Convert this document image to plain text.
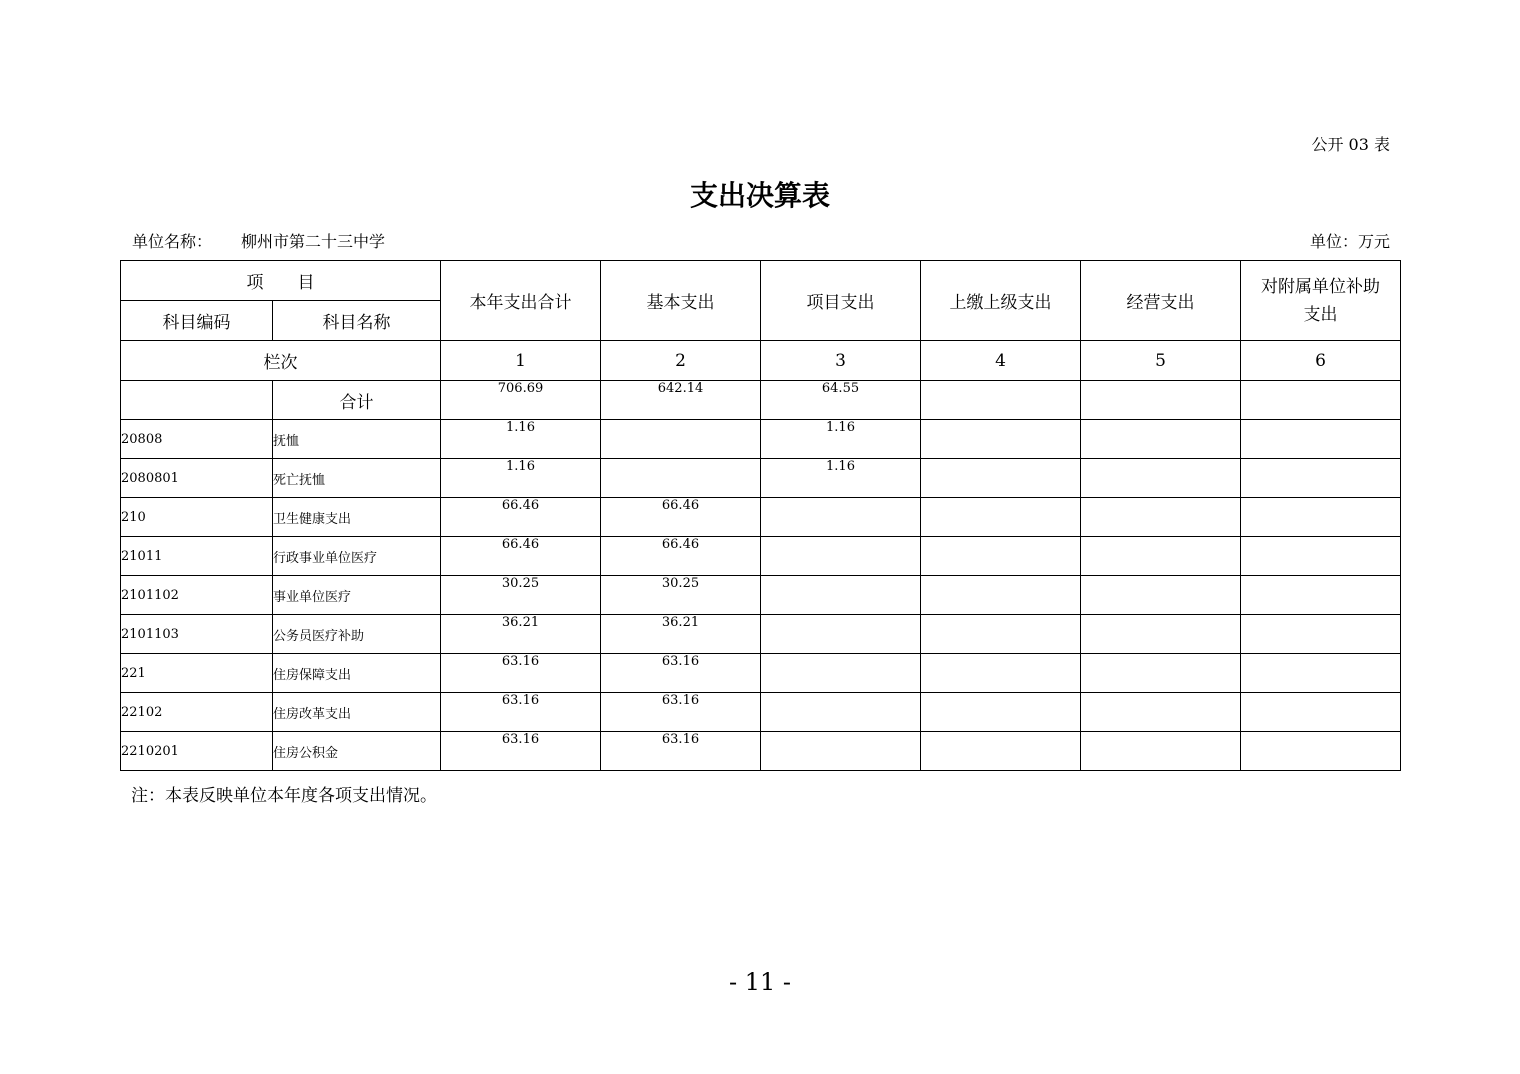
公开 03 表
支出决算表
单位名称： 柳州市第二十三中学	单位：万元
项　　目		本年支出合计	基本支出	项目支出	上缴上级支出	经营支出	对附属单位补助
支出
科目编码	科目名称						
栏次		1	2	3	4	5	6
	合计	706.69	642.14	64.55			
20808	抚恤	1.16		1.16			
2080801	死亡抚恤	1.16		1.16			
210	卫生健康支出	66.46	66.46				
21011	行政事业单位医疗	66.46	66.46				
2101102	事业单位医疗	30.25	30.25				
2101103	公务员医疗补助	36.21	36.21				
221	住房保障支出	63.16	63.16				
22102	住房改革支出	63.16	63.16				
2210201	住房公积金	63.16	63.16				
注：本表反映单位本年度各项支出情况。
- 11 -
